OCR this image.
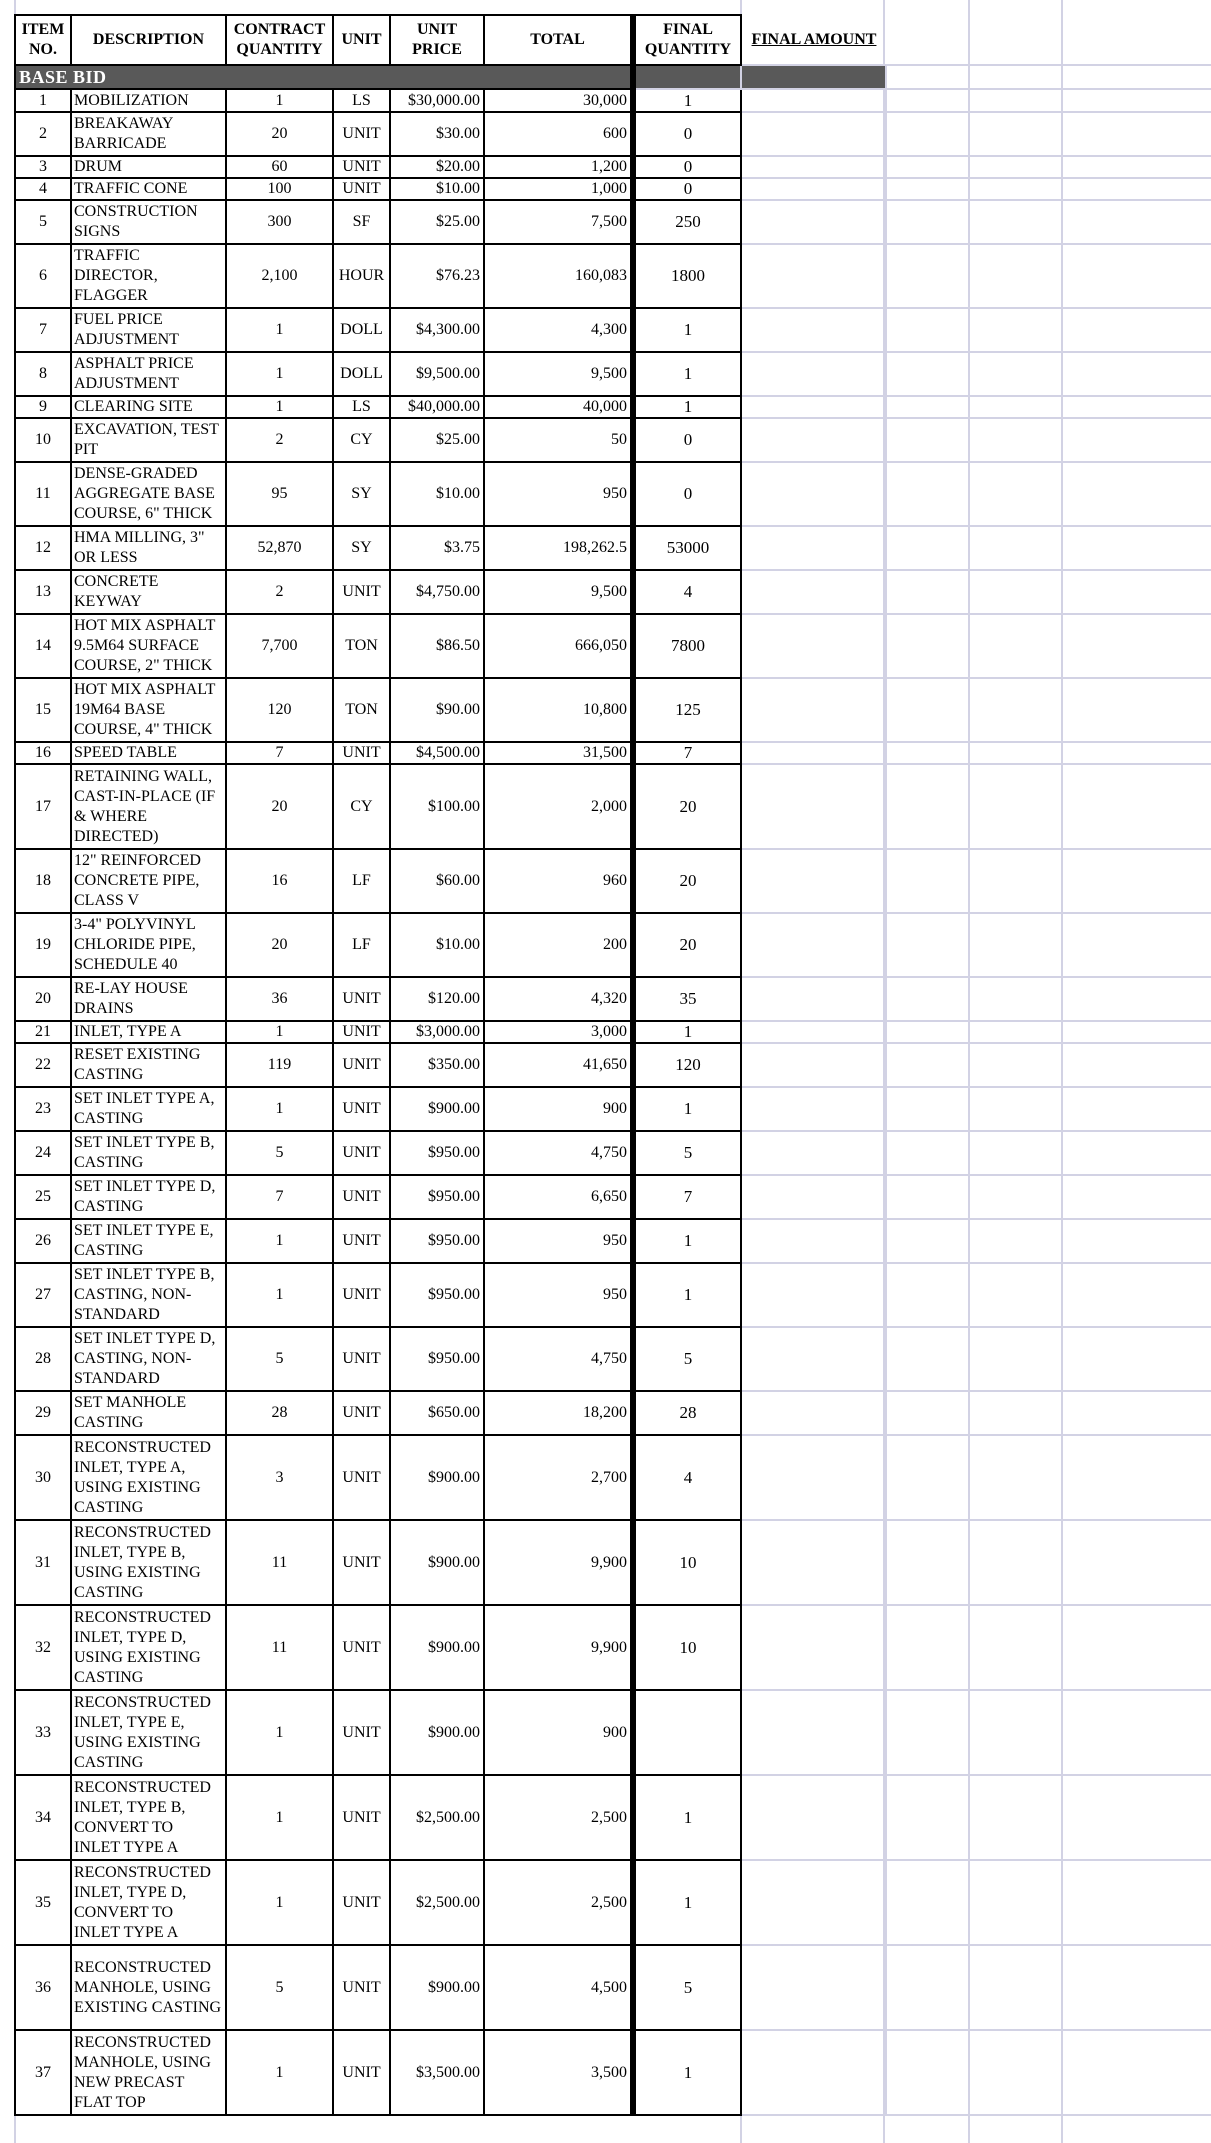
ITEM NO.	DESCRIPTION	CONTRACT QUANTITY	UNIT	UNIT PRICE	TOTAL	FINAL QUANTITY	FINAL AMOUNT
BASE BID							
1	MOBILIZATION	1	LS	$30,000.00	30,000	1	
2	BREAKAWAY BARRICADE	20	UNIT	$30.00	600	0	
3	DRUM	60	UNIT	$20.00	1,200	0	
4	TRAFFIC CONE	100	UNIT	$10.00	1,000	0	
5	CONSTRUCTION SIGNS	300	SF	$25.00	7,500	250	
6	TRAFFIC DIRECTOR, FLAGGER	2,100	HOUR	$76.23	160,083	1800	
7	FUEL PRICE ADJUSTMENT	1	DOLL	$4,300.00	4,300	1	
8	ASPHALT PRICE ADJUSTMENT	1	DOLL	$9,500.00	9,500	1	
9	CLEARING SITE	1	LS	$40,000.00	40,000	1	
10	EXCAVATION, TEST PIT	2	CY	$25.00	50	0	
11	DENSE-GRADED AGGREGATE BASE COURSE, 6" THICK	95	SY	$10.00	950	0	
12	HMA MILLING, 3" OR LESS	52,870	SY	$3.75	198,262.5	53000	
13	CONCRETE KEYWAY	2	UNIT	$4,750.00	9,500	4	
14	HOT MIX ASPHALT 9.5M64 SURFACE COURSE, 2" THICK	7,700	TON	$86.50	666,050	7800	
15	HOT MIX ASPHALT 19M64 BASE COURSE, 4" THICK	120	TON	$90.00	10,800	125	
16	SPEED TABLE	7	UNIT	$4,500.00	31,500	7	
17	RETAINING WALL, CAST-IN-PLACE (IF & WHERE DIRECTED)	20	CY	$100.00	2,000	20	
18	12" REINFORCED CONCRETE PIPE, CLASS V	16	LF	$60.00	960	20	
19	3-4" POLYVINYL CHLORIDE PIPE, SCHEDULE 40	20	LF	$10.00	200	20	
20	RE-LAY HOUSE DRAINS	36	UNIT	$120.00	4,320	35	
21	INLET, TYPE A	1	UNIT	$3,000.00	3,000	1	
22	RESET EXISTING CASTING	119	UNIT	$350.00	41,650	120	
23	SET INLET TYPE A, CASTING	1	UNIT	$900.00	900	1	
24	SET INLET TYPE B, CASTING	5	UNIT	$950.00	4,750	5	
25	SET INLET TYPE D, CASTING	7	UNIT	$950.00	6,650	7	
26	SET INLET TYPE E, CASTING	1	UNIT	$950.00	950	1	
27	SET INLET TYPE B, CASTING, NON-STANDARD	1	UNIT	$950.00	950	1	
28	SET INLET TYPE D, CASTING, NON-STANDARD	5	UNIT	$950.00	4,750	5	
29	SET MANHOLE CASTING	28	UNIT	$650.00	18,200	28	
30	RECONSTRUCTED INLET, TYPE A, USING EXISTING CASTING	3	UNIT	$900.00	2,700	4	
31	RECONSTRUCTED INLET, TYPE B, USING EXISTING CASTING	11	UNIT	$900.00	9,900	10	
32	RECONSTRUCTED INLET, TYPE D, USING EXISTING CASTING	11	UNIT	$900.00	9,900	10	
33	RECONSTRUCTED INLET, TYPE E, USING EXISTING CASTING	1	UNIT	$900.00	900		
34	RECONSTRUCTED INLET, TYPE B, CONVERT TO INLET TYPE A	1	UNIT	$2,500.00	2,500	1	
35	RECONSTRUCTED INLET, TYPE D, CONVERT TO INLET TYPE A	1	UNIT	$2,500.00	2,500	1	
36	RECONSTRUCTED MANHOLE, USING EXISTING CASTING	5	UNIT	$900.00	4,500	5	
37	RECONSTRUCTED MANHOLE, USING NEW PRECAST FLAT TOP	1	UNIT	$3,500.00	3,500	1	
